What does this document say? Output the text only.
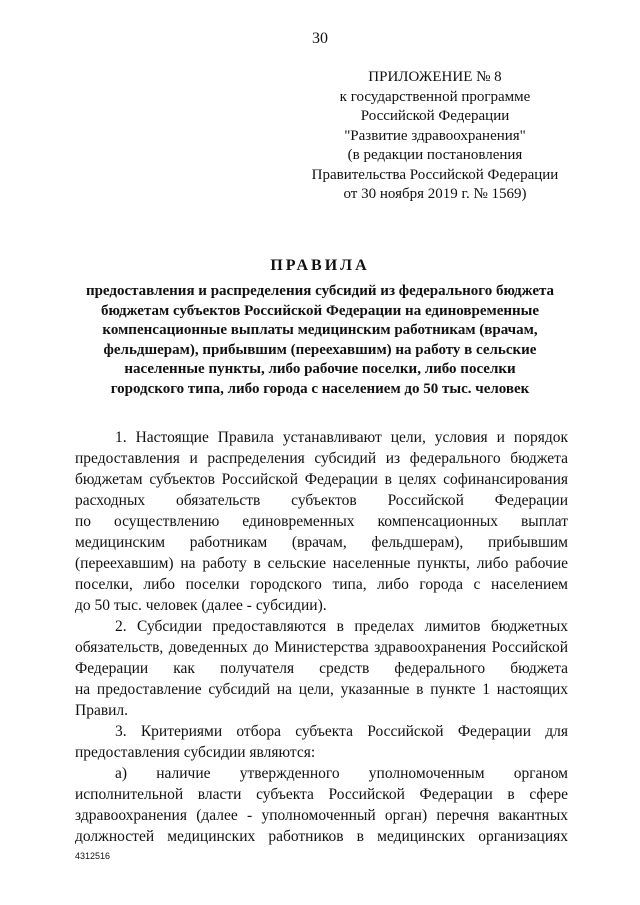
30
ПРИЛОЖЕНИЕ № 8
к государственной программе
Российской Федерации
"Развитие здравоохранения"
(в редакции постановления
Правительства Российской Федерации
от 30 ноября 2019 г. № 1569)
ПРАВИЛА
предоставления и распределения субсидий из федерального бюджета
бюджетам субъектов Российской Федерации на единовременные
компенсационные выплаты медицинским работникам (врачам,
фельдшерам), прибывшим (переехавшим) на работу в сельские
населенные пункты, либо рабочие поселки, либо поселки
городского типа, либо города с населением до 50 тыс. человек
1. Настоящие Правила устанавливают цели, условия и порядок
предоставления и распределения субсидий из федерального бюджета
бюджетам субъектов Российской Федерации в целях софинансирования
расходных обязательств субъектов Российской Федерации
по осуществлению единовременных компенсационных выплат
медицинским работникам (врачам, фельдшерам), прибывшим
(переехавшим) на работу в сельские населенные пункты, либо рабочие
поселки, либо поселки городского типа, либо города с населением
до 50 тыс. человек (далее - субсидии).
2. Субсидии предоставляются в пределах лимитов бюджетных
обязательств, доведенных до Министерства здравоохранения Российской
Федерации как получателя средств федерального бюджета
на предоставление субсидий на цели, указанные в пункте 1 настоящих
Правил.
3. Критериями отбора субъекта Российской Федерации для
предоставления субсидии являются:
а) наличие утвержденного уполномоченным органом
исполнительной власти субъекта Российской Федерации в сфере
здравоохранения (далее - уполномоченный орган) перечня вакантных
должностей медицинских работников в медицинских организациях
4312516
